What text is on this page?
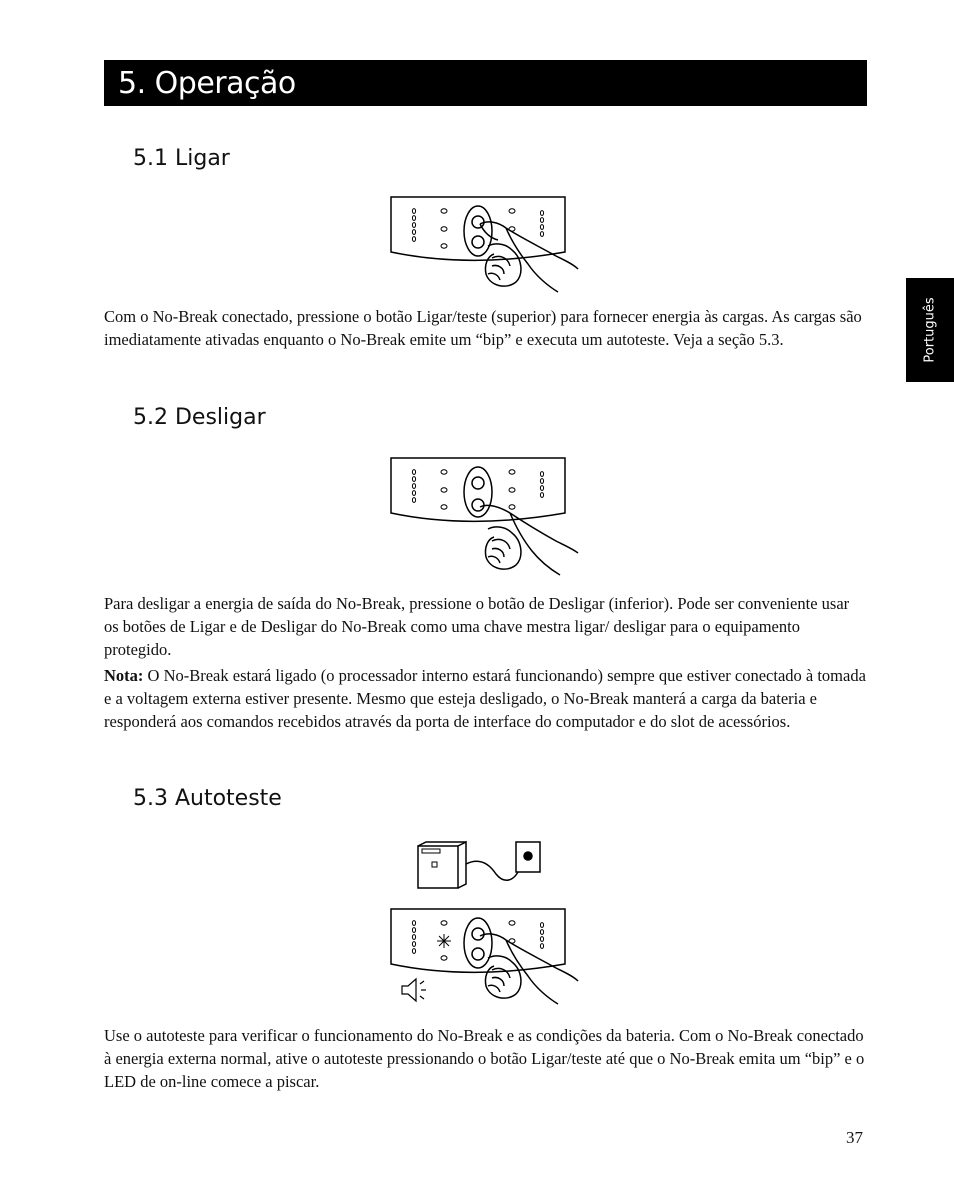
5. Operação
Português
5.1 Ligar

Com o No-Break conectado, pressione o botão Ligar/teste (superior) para fornecer energia às cargas. As cargas são imediatamente ativadas enquanto o No-Break emite um “bip” e executa um autoteste. Veja a seção 5.3.

5.2 Desligar

Para desligar a energia de saída do No-Break, pressione o botão de Desligar (inferior). Pode ser conveniente usar os botões de Ligar e de Desligar do No-Break como uma chave mestra ligar/ desligar para o equipamento protegido.

Nota: O No-Break estará ligado (o processador interno estará funcionando) sempre que estiver conectado à tomada e a voltagem externa estiver presente. Mesmo que esteja desligado, o No-Break manterá a carga da bateria e responderá aos comandos recebidos através da porta de interface do computador e do slot de acessórios.

5.3 Autoteste

Use o autoteste para verificar o funcionamento do No-Break e as condições da bateria. Com o No-Break conectado à energia externa normal, ative o autoteste pressionando o botão Ligar/teste até que o No-Break emita um “bip” e o LED de on-line comece a piscar.

37
